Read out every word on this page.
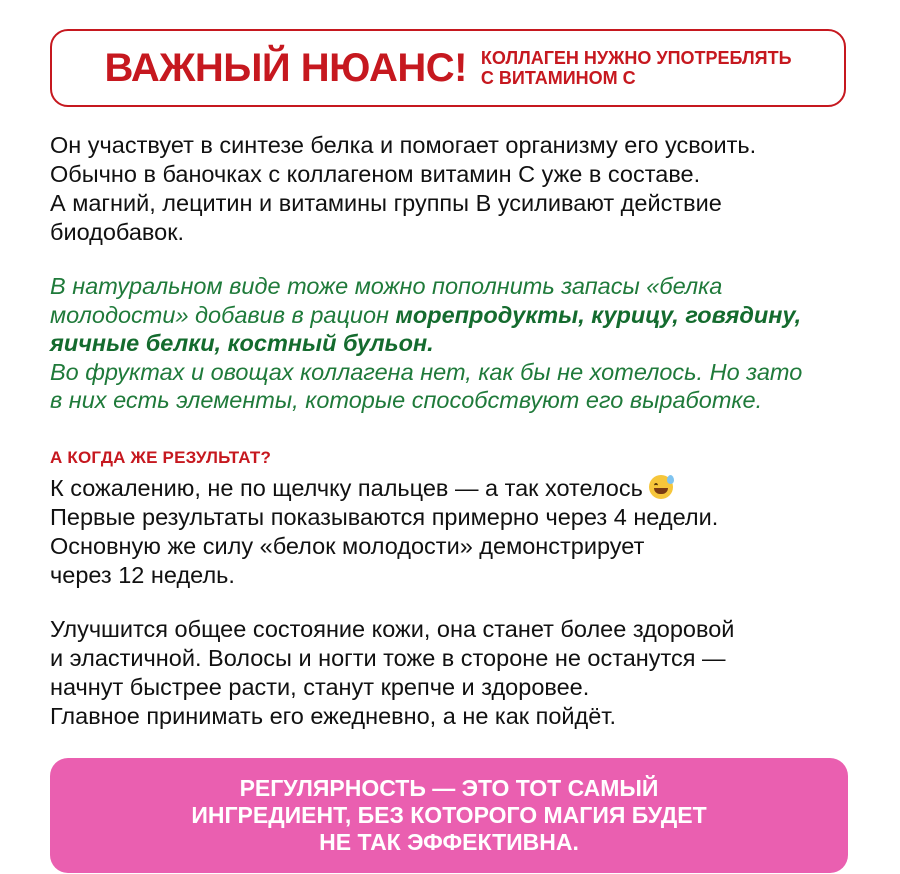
ВАЖНЫЙ НЮАНС! КОЛЛАГЕН НУЖНО УПОТРЕБЛЯТЬ
С ВИТАМИНОМ С

Он участвует в синтезе белка и помогает организму его усвоить.
Обычно в баночках с коллагеном витамин С уже в составе.
А магний, лецитин и витамины группы В усиливают действие
биодобавок.

В натуральном виде тоже можно пополнить запасы «белка
молодости» добавив в рацион морепродукты, курицу, говядину,
яичные белки, костный бульон.
Во фруктах и овощах коллагена нет, как бы не хотелось. Но зато
в них есть элементы, которые способствуют его выработке.

А КОГДА ЖЕ РЕЗУЛЬТАТ?

К сожалению, не по щелчку пальцев — а так хотелось
Первые результаты показываются примерно через 4 недели.
Основную же силу «белок молодости» демонстрирует
через 12 недель.

Улучшится общее состояние кожи, она станет более здоровой
и эластичной. Волосы и ногти тоже в стороне не останутся —
начнут быстрее расти, станут крепче и здоровее.
Главное принимать его ежедневно, а не как пойдёт.

РЕГУЛЯРНОСТЬ — ЭТО ТОТ САМЫЙ
ИНГРЕДИЕНТ, БЕЗ КОТОРОГО МАГИЯ БУДЕТ
НЕ ТАК ЭФФЕКТИВНА.
